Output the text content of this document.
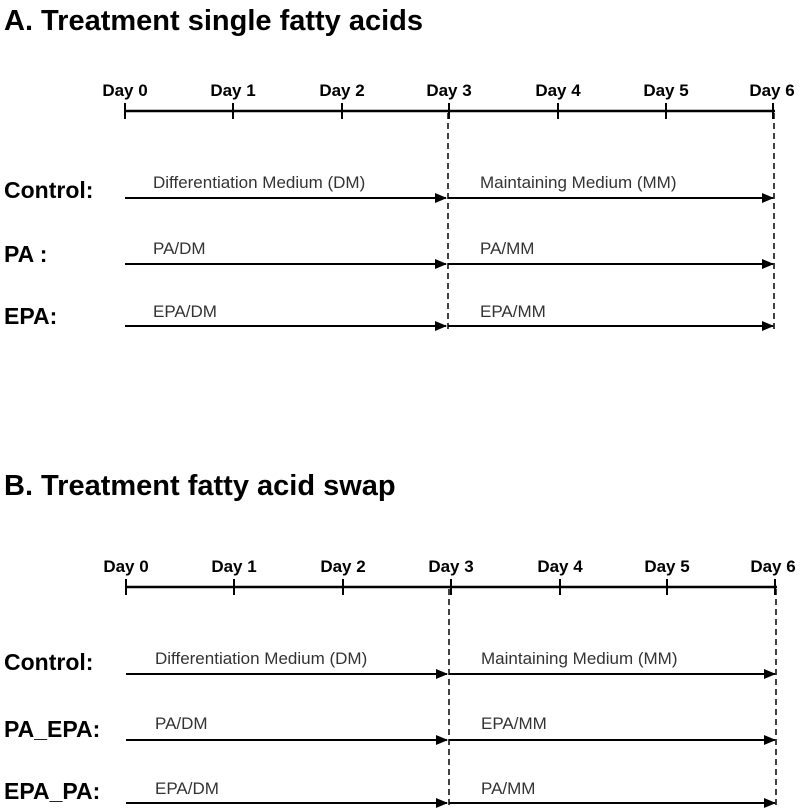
A. Treatment single fatty acids
Day 0	Day 1	Day 2	Day 3	Day 4	Day 5	Day 6
Control:	Differentiation Medium (DM)	Maintaining Medium (MM)
PA :	PA/DM	PA/MM
EPA:	EPA/DM	EPA/MM
B. Treatment fatty acid swap
Day 0	Day 1	Day 2	Day 3	Day 4	Day 5	Day 6
Control:	Differentiation Medium (DM)	Maintaining Medium (MM)
PA_EPA:	PA/DM	EPA/MM
EPA_PA:	EPA/DM	PA/MM
